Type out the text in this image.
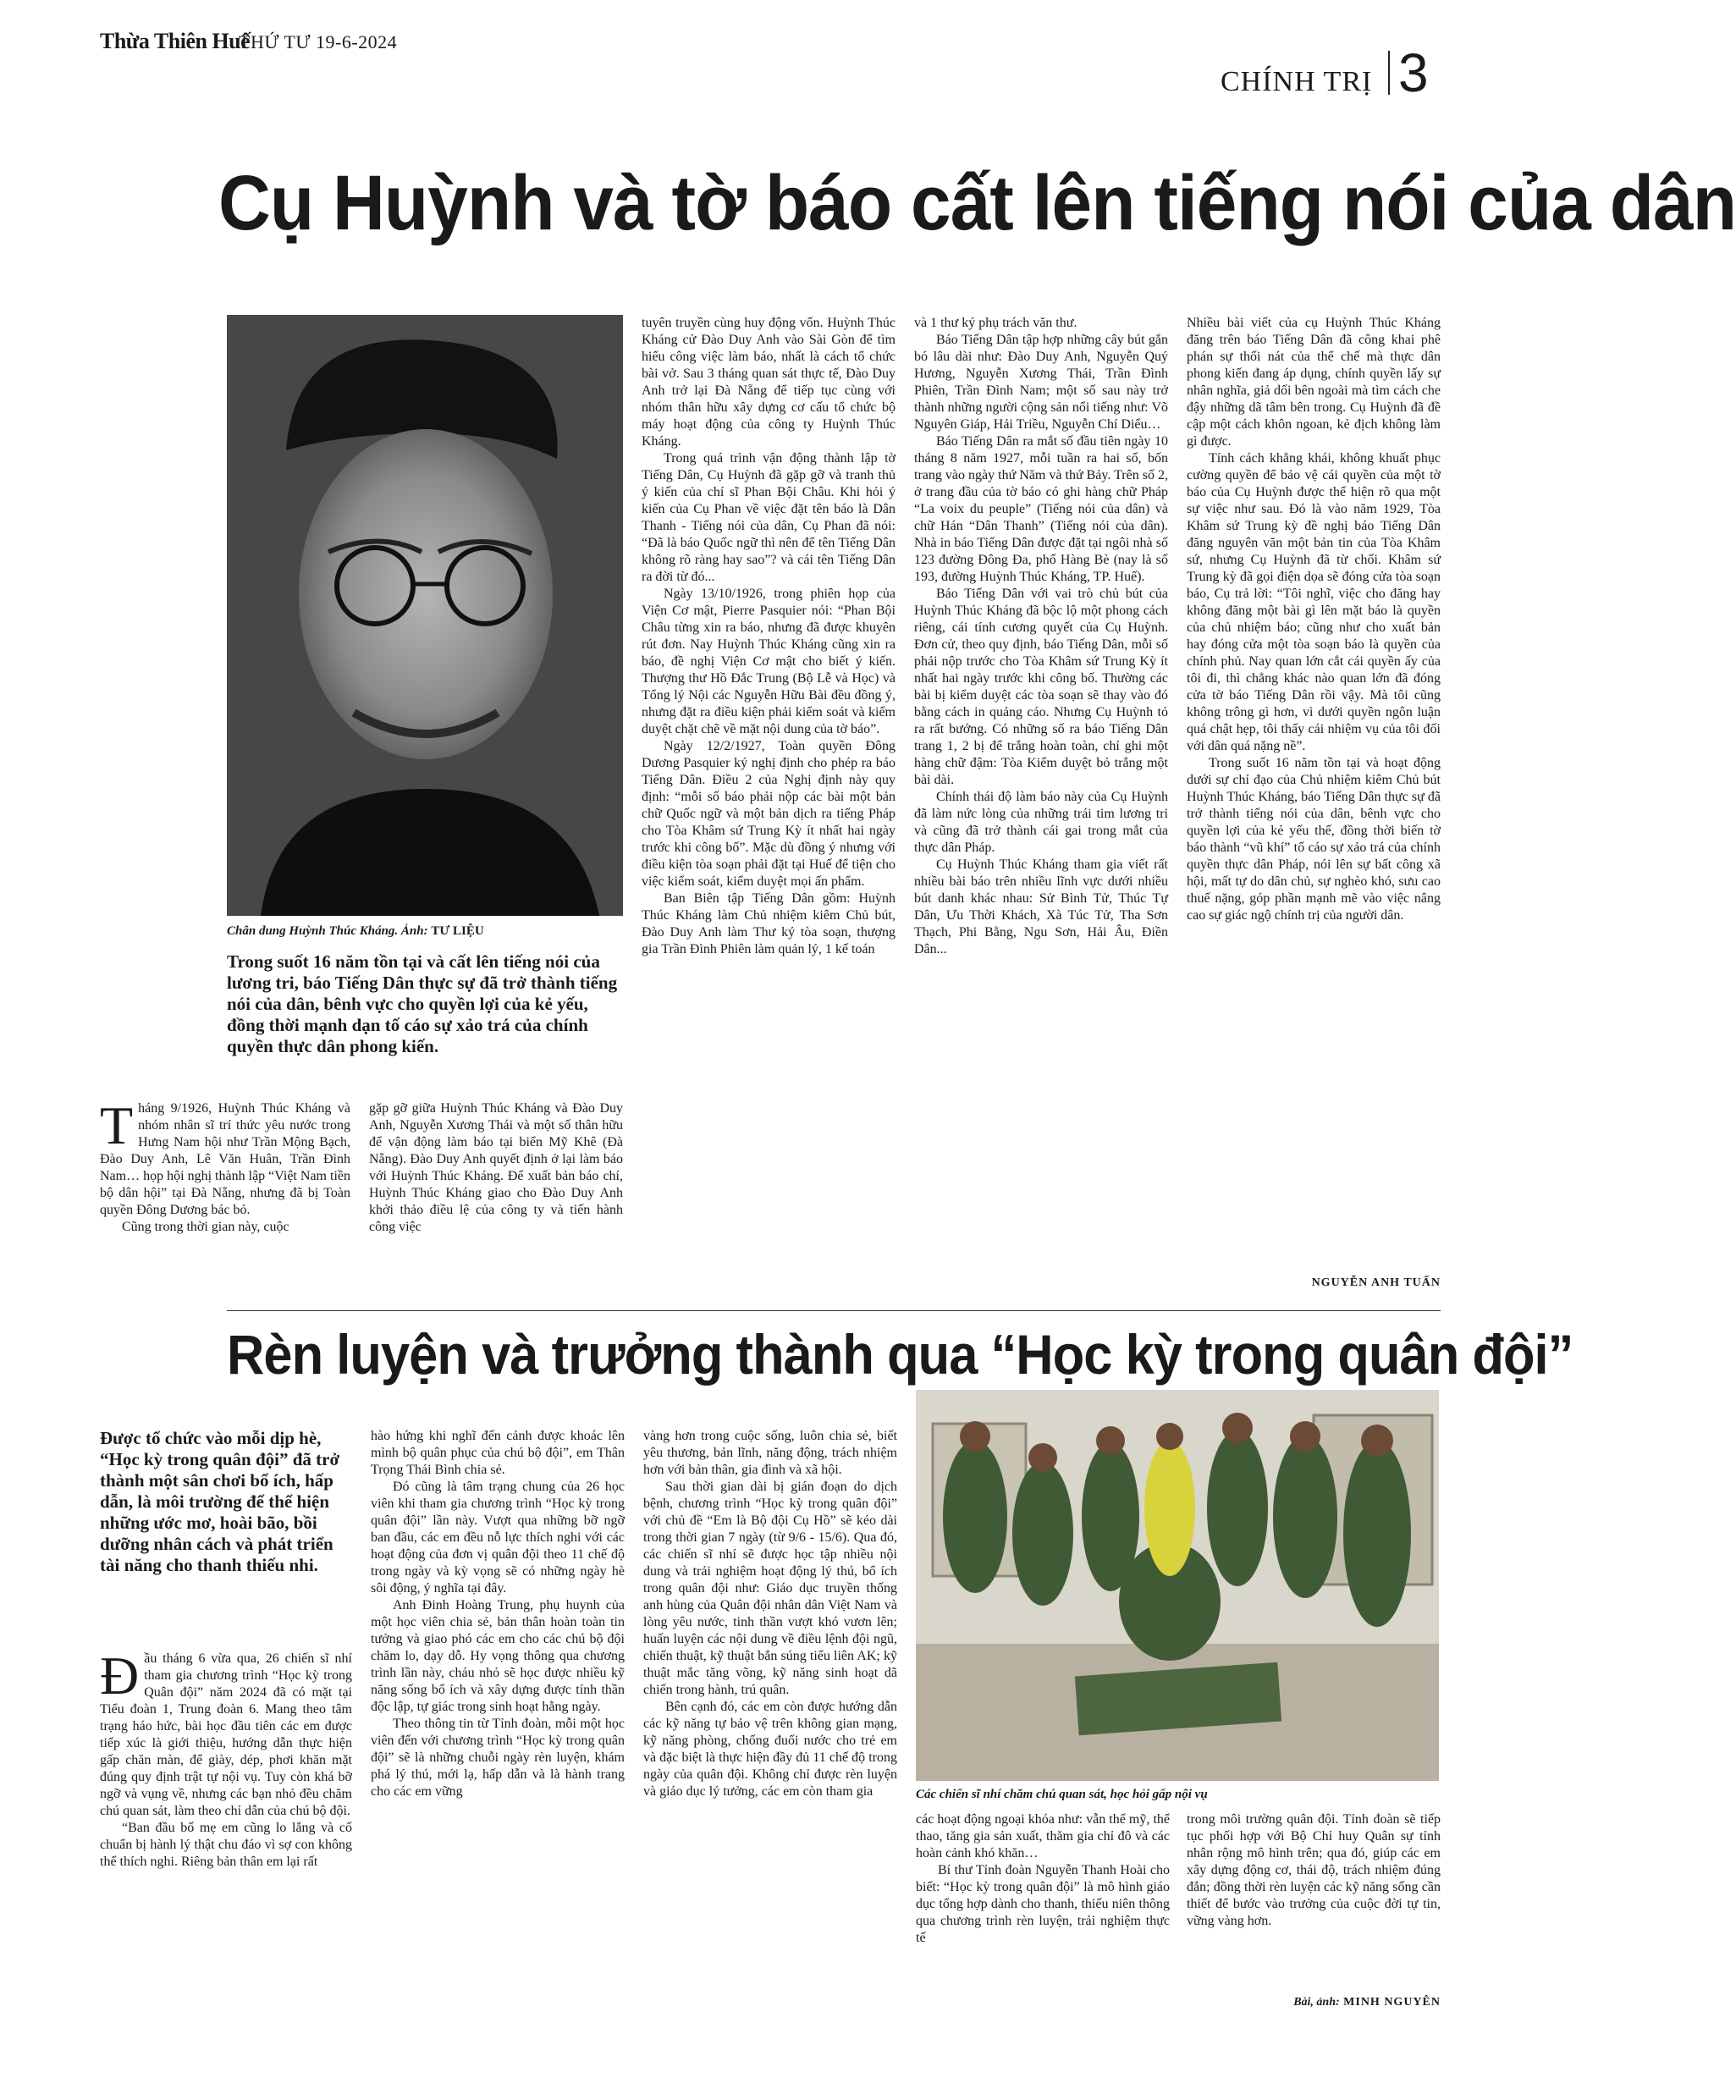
Thừa Thiên Huế
THỨ TƯ 19-6-2024
CHÍNH TRỊ 3
Cụ Huỳnh và tờ báo cất lên tiếng nói của dân
Chân dung Huỳnh Thúc Kháng. Ảnh: TƯ LIỆU
Trong suốt 16 năm tồn tại và cất lên tiếng nói của lương tri, báo Tiếng Dân thực sự đã trở thành tiếng nói của dân, bênh vực cho quyền lợi của kẻ yếu, đồng thời mạnh dạn tố cáo sự xảo trá của chính quyền thực dân phong kiến.

Tháng 9/1926, Huỳnh Thúc Kháng và nhóm nhân sĩ trí thức yêu nước trong Hưng Nam hội như Trần Mộng Bạch, Đào Duy Anh, Lê Văn Huân, Trần Đình Nam… họp hội nghị thành lập “Việt Nam tiền bộ dân hội” tại Đà Nẵng, nhưng đã bị Toàn quyền Đông Dương bác bỏ.

Cũng trong thời gian này, cuộc

gặp gỡ giữa Huỳnh Thúc Kháng và Đào Duy Anh, Nguyễn Xương Thái và một số thân hữu để vận động làm báo tại biển Mỹ Khê (Đà Nẵng). Đào Duy Anh quyết định ở lại làm báo với Huỳnh Thúc Kháng. Để xuất bản báo chí, Huỳnh Thúc Kháng giao cho Đào Duy Anh khởi thảo điều lệ của công ty và tiến hành công việc

tuyên truyền cùng huy động vốn. Huỳnh Thúc Kháng cử Đào Duy Anh vào Sài Gòn để tìm hiểu công việc làm báo, nhất là cách tổ chức bài vở. Sau 3 tháng quan sát thực tế, Đào Duy Anh trở lại Đà Nẵng để tiếp tục cùng với nhóm thân hữu xây dựng cơ cấu tổ chức bộ máy hoạt động của công ty Huỳnh Thúc Kháng.

Trong quá trình vận động thành lập tờ Tiếng Dân, Cụ Huỳnh đã gặp gỡ và tranh thủ ý kiến của chí sĩ Phan Bội Châu. Khi hỏi ý kiến của Cụ Phan về việc đặt tên báo là Dân Thanh - Tiếng nói của dân, Cụ Phan đã nói: “Đã là báo Quốc ngữ thì nên để tên Tiếng Dân không rõ ràng hay sao”? và cái tên Tiếng Dân ra đời từ đó...

Ngày 13/10/1926, trong phiên họp của Viện Cơ mật, Pierre Pasquier nói: “Phan Bội Châu từng xin ra báo, nhưng đã được khuyên rút đơn. Nay Huỳnh Thúc Kháng cũng xin ra báo, đề nghị Viện Cơ mật cho biết ý kiến. Thượng thư Hồ Đắc Trung (Bộ Lễ và Học) và Tổng lý Nội các Nguyễn Hữu Bài đều đồng ý, nhưng đặt ra điều kiện phải kiểm soát và kiểm duyệt chặt chẽ về mặt nội dung của tờ báo”.

Ngày 12/2/1927, Toàn quyền Đông Dương Pasquier ký nghị định cho phép ra báo Tiếng Dân. Điều 2 của Nghị định này quy định: “mỗi số báo phải nộp các bài một bản chữ Quốc ngữ và một bản dịch ra tiếng Pháp cho Tòa Khâm sứ Trung Kỳ ít nhất hai ngày trước khi công bố”. Mặc dù đồng ý nhưng với điều kiện tòa soạn phải đặt tại Huế để tiện cho việc kiểm soát, kiểm duyệt mọi ấn phẩm.

Ban Biên tập Tiếng Dân gồm: Huỳnh Thúc Kháng làm Chủ nhiệm kiêm Chủ bút, Đào Duy Anh làm Thư ký tòa soạn, thượng gia Trần Đình Phiên làm quản lý, 1 kế toán

và 1 thư ký phụ trách văn thư.

Báo Tiếng Dân tập hợp những cây bút gắn bó lâu dài như: Đào Duy Anh, Nguyễn Quý Hương, Nguyễn Xương Thái, Trần Đình Phiên, Trần Đình Nam; một số sau này trở thành những người cộng sản nổi tiếng như: Võ Nguyên Giáp, Hải Triều, Nguyễn Chí Diểu…

Báo Tiếng Dân ra mắt số đầu tiên ngày 10 tháng 8 năm 1927, mỗi tuần ra hai số, bốn trang vào ngày thứ Năm và thứ Bảy. Trên số 2, ở trang đầu của tờ báo có ghi hàng chữ Pháp “La voix du peuple” (Tiếng nói của dân) và chữ Hán “Dân Thanh” (Tiếng nói của dân). Nhà in báo Tiếng Dân được đặt tại ngôi nhà số 123 đường Đông Đa, phố Hàng Bè (nay là số 193, đường Huỳnh Thúc Kháng, TP. Huế).

Báo Tiếng Dân với vai trò chủ bút của Huỳnh Thúc Kháng đã bộc lộ một phong cách riêng, cái tính cương quyết của Cụ Huỳnh. Đơn cử, theo quy định, báo Tiếng Dân, mỗi số phải nộp trước cho Tòa Khâm sứ Trung Kỳ ít nhất hai ngày trước khi công bố. Thường các bài bị kiểm duyệt các tòa soạn sẽ thay vào đó bằng cách in quảng cáo. Nhưng Cụ Huỳnh tỏ ra rất bướng. Có những số ra báo Tiếng Dân trang 1, 2 bị để trắng hoàn toàn, chỉ ghi một hàng chữ đậm: Tòa Kiểm duyệt bỏ trắng một bài dài.

Chính thái độ làm báo này của Cụ Huỳnh đã làm nức lòng của những trái tim lương tri và cũng đã trở thành cái gai trong mắt của thực dân Pháp.

Cụ Huỳnh Thúc Kháng tham gia viết rất nhiều bài báo trên nhiều lĩnh vực dưới nhiều bút danh khác nhau: Sử Bình Tử, Thúc Tự Dân, Ưu Thời Khách, Xà Túc Tử, Tha Sơn Thạch, Phi Bằng, Ngu Sơn, Hải Âu, Điền Dân...

Nhiều bài viết của cụ Huỳnh Thúc Kháng đăng trên báo Tiếng Dân đã công khai phê phán sự thối nát của thể chế mà thực dân phong kiến đang áp dụng, chính quyền lấy sự nhân nghĩa, giả dối bên ngoài mà tìm cách che đậy những dã tâm bên trong. Cụ Huỳnh đã đề cập một cách khôn ngoan, kẻ địch không làm gì được.

Tính cách khẳng khái, không khuất phục cường quyền để bảo vệ cái quyền của một tờ báo của Cụ Huỳnh được thể hiện rõ qua một sự việc như sau. Đó là vào năm 1929, Tòa Khâm sứ Trung kỳ đề nghị báo Tiếng Dân đăng nguyên văn một bản tin của Tòa Khâm sứ, nhưng Cụ Huỳnh đã từ chối. Khâm sứ Trung kỳ đã gọi điện dọa sẽ đóng cửa tòa soạn báo, Cụ trả lời: “Tôi nghĩ, việc cho đăng hay không đăng một bài gì lên mặt báo là quyền của chủ nhiệm báo; cũng như cho xuất bản hay đóng cửa một tòa soạn báo là quyền của chính phủ. Nay quan lớn cắt cái quyền ấy của tôi đi, thì chẳng khác nào quan lớn đã đóng cửa tờ báo Tiếng Dân rồi vậy. Mà tôi cũng không trông gì hơn, vì dưới quyền ngôn luận quá chật hẹp, tôi thấy cái nhiệm vụ của tôi đối với dân quá nặng nề”.

Trong suốt 16 năm tồn tại và hoạt động dưới sự chỉ đạo của Chủ nhiệm kiêm Chủ bút Huỳnh Thúc Kháng, báo Tiếng Dân thực sự đã trở thành tiếng nói của dân, bênh vực cho quyền lợi của kẻ yếu thế, đồng thời biến tờ báo thành “vũ khí” tố cáo sự xảo trá của chính quyền thực dân Pháp, nói lên sự bất công xã hội, mất tự do dân chủ, sự nghèo khó, sưu cao thuế nặng, góp phần mạnh mẽ vào việc nâng cao sự giác ngộ chính trị của người dân.

NGUYỄN ANH TUẤN
Rèn luyện và trưởng thành qua “Học kỳ trong quân đội”
Được tổ chức vào mỗi dịp hè, “Học kỳ trong quân đội” đã trở thành một sân chơi bổ ích, hấp dẫn, là môi trường để thể hiện những ước mơ, hoài bão, bồi dưỡng nhân cách và phát triển tài năng cho thanh thiếu nhi.

Đầu tháng 6 vừa qua, 26 chiến sĩ nhí tham gia chương trình “Học kỳ trong Quân đội” năm 2024 đã có mặt tại Tiểu đoàn 1, Trung đoàn 6. Mang theo tâm trạng háo hức, bài học đầu tiên các em được tiếp xúc là giới thiệu, hướng dẫn thực hiện gấp chăn màn, để giày, dép, phơi khăn mặt đúng quy định trật tự nội vụ. Tuy còn khá bỡ ngỡ và vụng về, nhưng các bạn nhỏ đều chăm chú quan sát, làm theo chỉ dẫn của chú bộ đội.

“Ban đầu bố mẹ em cũng lo lắng và cố chuẩn bị hành lý thật chu đáo vì sợ con không thể thích nghi. Riêng bản thân em lại rất

hào hứng khi nghĩ đến cảnh được khoác lên mình bộ quân phục của chú bộ đội”, em Thân Trọng Thái Bình chia sẻ.

Đó cũng là tâm trạng chung của 26 học viên khi tham gia chương trình “Học kỳ trong quân đội” lần này. Vượt qua những bỡ ngỡ ban đầu, các em đều nỗ lực thích nghi với các hoạt động của đơn vị quân đội theo 11 chế độ trong ngày và kỳ vọng sẽ có những ngày hè sôi động, ý nghĩa tại đây.

Anh Đinh Hoàng Trung, phụ huynh của một học viên chia sẻ, bản thân hoàn toàn tin tưởng và giao phó các em cho các chú bộ đội chăm lo, dạy dỗ. Hy vọng thông qua chương trình lần này, cháu nhỏ sẽ học được nhiều kỹ năng sống bổ ích và xây dựng được tính thần độc lập, tự giác trong sinh hoạt hằng ngày.

Theo thông tin từ Tỉnh đoàn, mỗi một học viên đến với chương trình “Học kỳ trong quân đội” sẽ là những chuỗi ngày rèn luyện, khám phá lý thú, mới lạ, hấp dẫn và là hành trang cho các em vững

vàng hơn trong cuộc sống, luôn chia sẻ, biết yêu thương, bản lĩnh, năng động, trách nhiệm hơn với bản thân, gia đình và xã hội.

Sau thời gian dài bị gián đoạn do dịch bệnh, chương trình “Học kỳ trong quân đội” với chủ đề “Em là Bộ đội Cụ Hồ” sẽ kéo dài trong thời gian 7 ngày (từ 9/6 - 15/6). Qua đó, các chiến sĩ nhí sẽ được học tập nhiều nội dung và trải nghiệm hoạt động lý thú, bổ ích trong quân đội như: Giáo dục truyền thống anh hùng của Quân đội nhân dân Việt Nam và lòng yêu nước, tinh thần vượt khó vươn lên; huấn luyện các nội dung về điều lệnh đội ngũ, chiến thuật, kỹ thuật bắn súng tiểu liên AK; kỹ thuật mắc tăng võng, kỹ năng sinh hoạt dã chiến trong hành, trú quân.

Bên cạnh đó, các em còn được hướng dẫn các kỹ năng tự bảo vệ trên không gian mạng, kỹ năng phòng, chống đuối nước cho trẻ em và đặc biệt là thực hiện đầy đủ 11 chế độ trong ngày của quân đội. Không chỉ được rèn luyện và giáo dục lý tưởng, các em còn tham gia	Các chiến sĩ nhí chăm chú quan sát, học hỏi gấp nội vụ

các hoạt động ngoại khóa như: vẫn thể mỹ, thể thao, tăng gia sản xuất, thăm gia chỉ đô và các hoàn cảnh khó khăn…

Bí thư Tỉnh đoàn Nguyễn Thanh Hoài cho biết: “Học kỳ trong quân đội” là mô hình giáo dục tổng hợp dành cho thanh, thiếu niên thông qua chương trình rèn luyện, trải nghiệm thực tế

trong môi trường quân đội. Tỉnh đoàn sẽ tiếp tục phối hợp với Bộ Chỉ huy Quân sự tỉnh nhân rộng mô hình trên; qua đó, giúp các em xây dựng động cơ, thái độ, trách nhiệm đúng đắn; đồng thời rèn luyện các kỹ năng sống cần thiết để bước vào trưởng của cuộc đời tự tin, vững vàng hơn.

Bài, ảnh: MINH NGUYÊN
